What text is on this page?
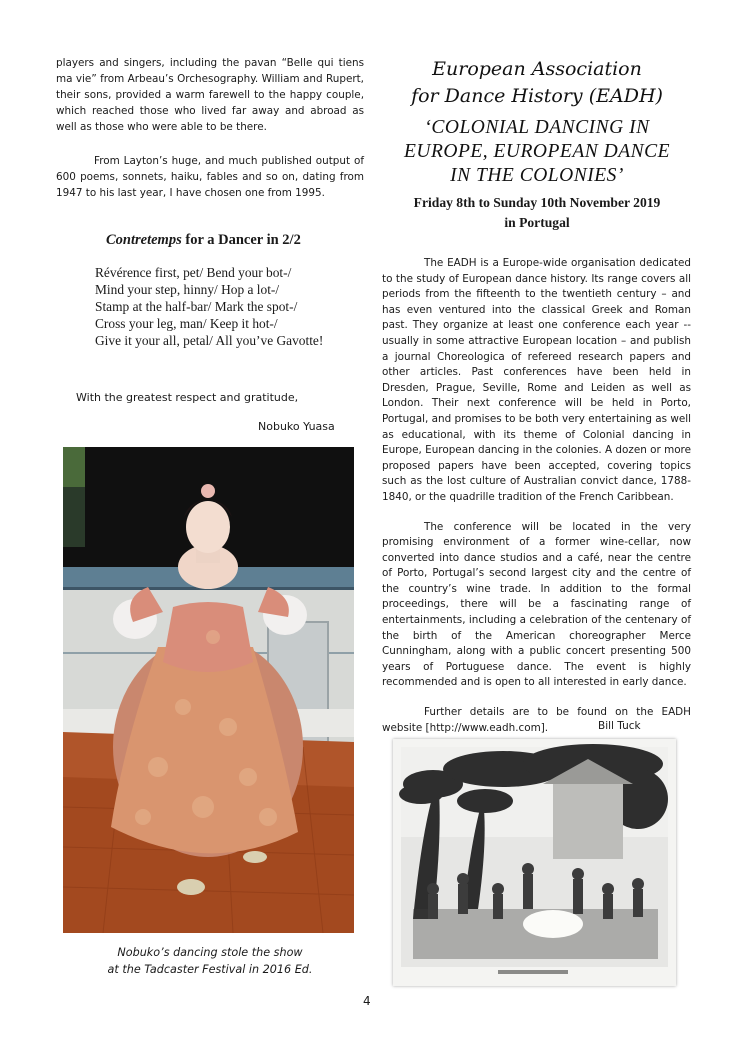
players and singers, including the pavan “Belle qui tiens ma vie” from Arbeau’s Orchesography. William and Rupert, their sons, provided a warm farewell to the happy couple, which reached those who lived far away and abroad as well as those who were able to be there.

From Layton’s huge, and much published output of 600 poems, sonnets, haiku, fables and so on, dating from 1947 to his last year, I have chosen one from 1995.

Contretemps for a Dancer in 2/2
Révérence first, pet/ Bend your bot-/
Mind your step, hinny/ Hop a lot-/
Stamp at the half-bar/ Mark the spot-/
Cross your leg, man/ Keep it hot-/
Give it your all, petal/ All you’ve Gavotte!
With the greatest respect and gratitude,
Nobuko Yuasa
Nobuko’s dancing stole the show
at the Tadcaster Festival in 2016 Ed.
European Association
for Dance History (EADH)
‘COLONIAL DANCING IN
EUROPE, EUROPEAN DANCE
IN THE COLONIES’
Friday 8th to Sunday 10th November 2019
in Portugal

The EADH is a Europe-wide organisation dedicated to the study of European dance history. Its range covers all periods from the fifteenth to the twentieth century – and has even ventured into the classical Greek and Roman past. They organize at least one conference each year -- usually in some attractive European location – and publish a journal Choreologica of refereed research papers and other articles. Past conferences have been held in Dresden, Prague, Seville, Rome and Leiden as well as London. Their next conference will be held in Porto, Portugal, and promises to be both very entertaining as well as educational, with its theme of Colonial dancing in Europe, European dancing in the colonies. A dozen or more proposed papers have been accepted, covering topics such as the lost culture of Australian convict dance, 1788-1840, or the quadrille tradition of the French Caribbean.

The conference will be located in the very promising environment of a former wine-cellar, now converted into dance studios and a café, near the centre of Porto, Portugal’s second largest city and the centre of the country’s wine trade. In addition to the formal proceedings, there will be a fascinating range of entertainments, including a celebration of the centenary of the birth of the American choreographer Merce Cunningham, along with a public concert presenting 500 years of Portuguese dance. The event is highly recommended and is open to all interested in early dance.

Further details are to be found on the EADH website [http://www.eadh.com].	Bill Tuck
4
